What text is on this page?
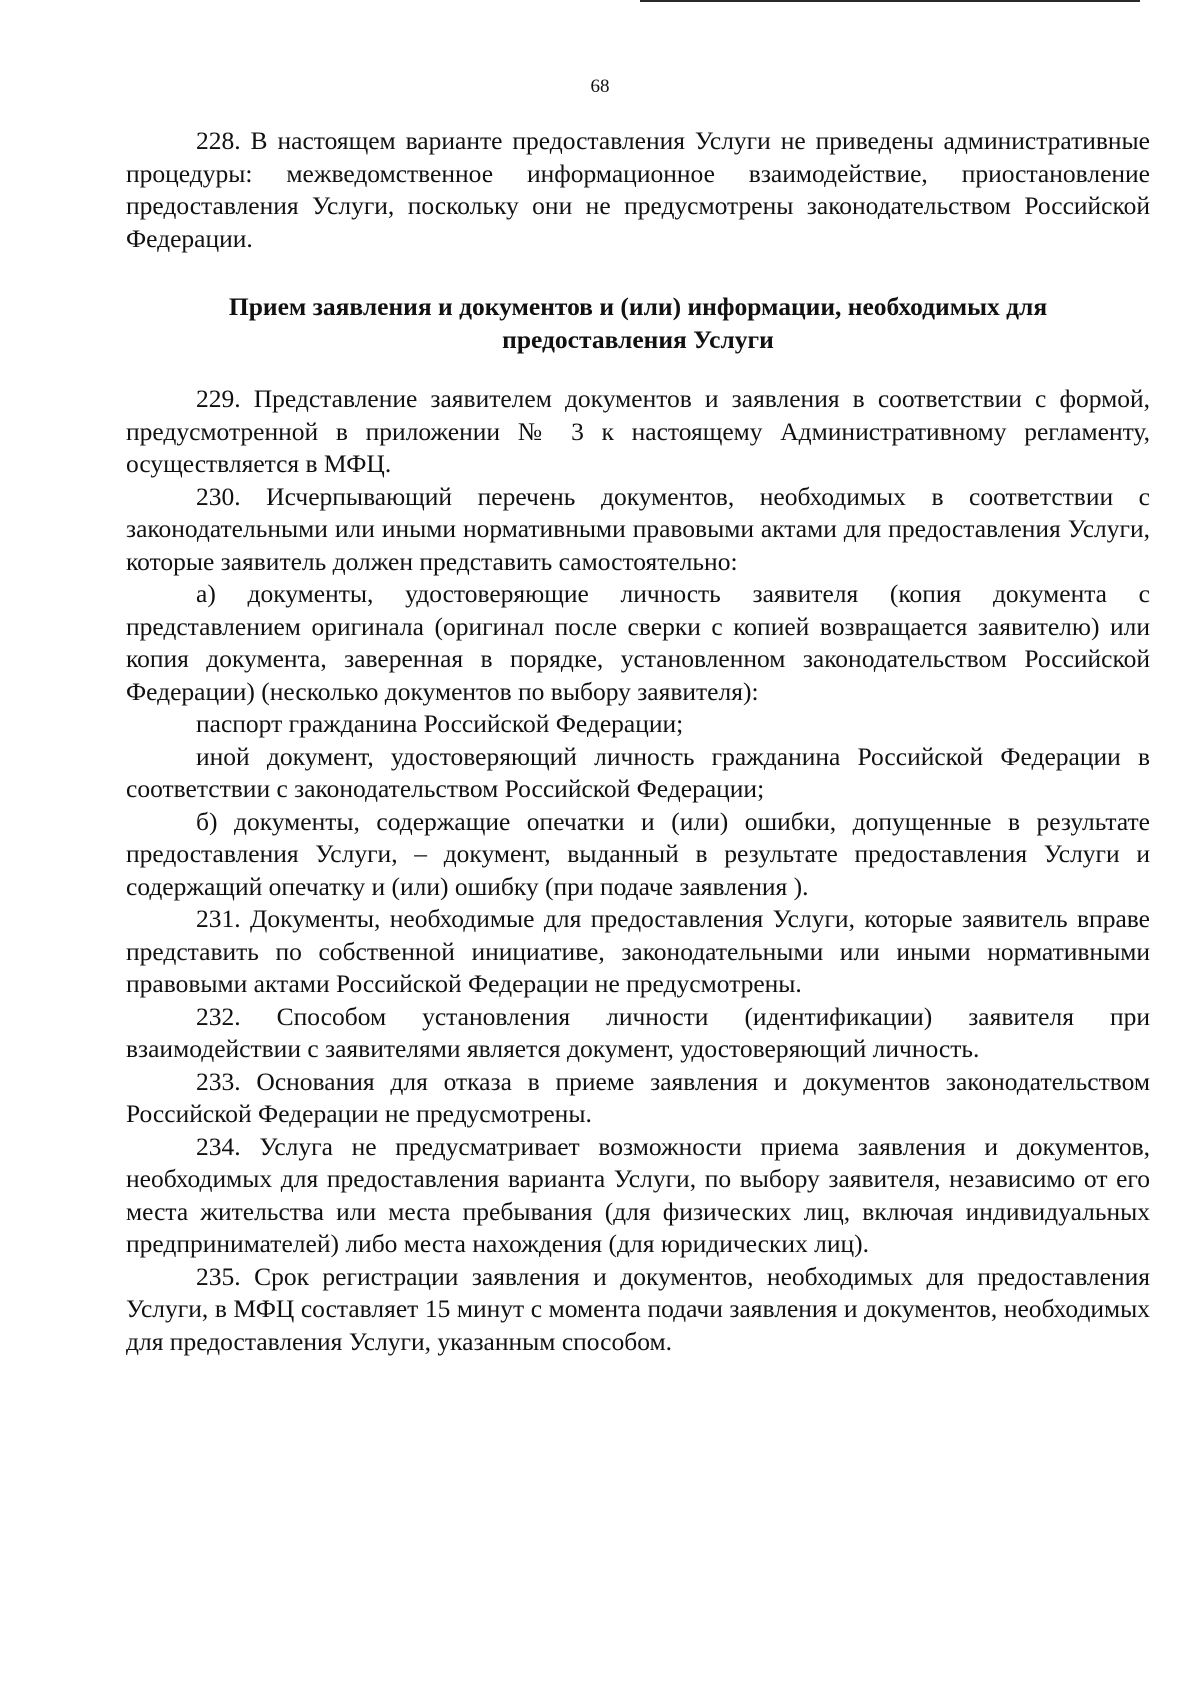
68

228. В настоящем варианте предоставления Услуги не приведены административные процедуры: межведомственное информационное взаимодействие, приостановление предоставления Услуги, поскольку они не предусмотрены законодательством Российской Федерации.

Прием заявления и документов и (или) информации, необходимых для
предоставления Услуги

229. Представление заявителем документов и заявления в соответствии с формой, предусмотренной в приложении № 3 к настоящему Административному регламенту, осуществляется в МФЦ.

230. Исчерпывающий перечень документов, необходимых в соответствии с законодательными или иными нормативными правовыми актами для предоставления Услуги, которые заявитель должен представить самостоятельно:

а) документы, удостоверяющие личность заявителя (копия документа с представлением оригинала (оригинал после сверки с копией возвращается заявителю) или копия документа, заверенная в порядке, установленном законодательством Российской Федерации) (несколько документов по выбору заявителя):

паспорт гражданина Российской Федерации;

иной документ, удостоверяющий личность гражданина Российской Федерации в соответствии с законодательством Российской Федерации;

б) документы, содержащие опечатки и (или) ошибки, допущенные в результате предоставления Услуги, – документ, выданный в результате предоставления Услуги и содержащий опечатку и (или) ошибку (при подаче заявления ).

231. Документы, необходимые для предоставления Услуги, которые заявитель вправе представить по собственной инициативе, законодательными или иными нормативными правовыми актами Российской Федерации не предусмотрены.

232. Способом установления личности (идентификации) заявителя при взаимодействии с заявителями является документ, удостоверяющий личность.

233. Основания для отказа в приеме заявления и документов законодательством Российской Федерации не предусмотрены.

234. Услуга не предусматривает возможности приема заявления и документов, необходимых для предоставления варианта Услуги, по выбору заявителя, независимо от его места жительства или места пребывания (для физических лиц, включая индивидуальных предпринимателей) либо места нахождения (для юридических лиц).

235. Срок регистрации заявления и документов, необходимых для предоставления Услуги, в МФЦ составляет 15 минут с момента подачи заявления и документов, необходимых для предоставления Услуги, указанным способом.
